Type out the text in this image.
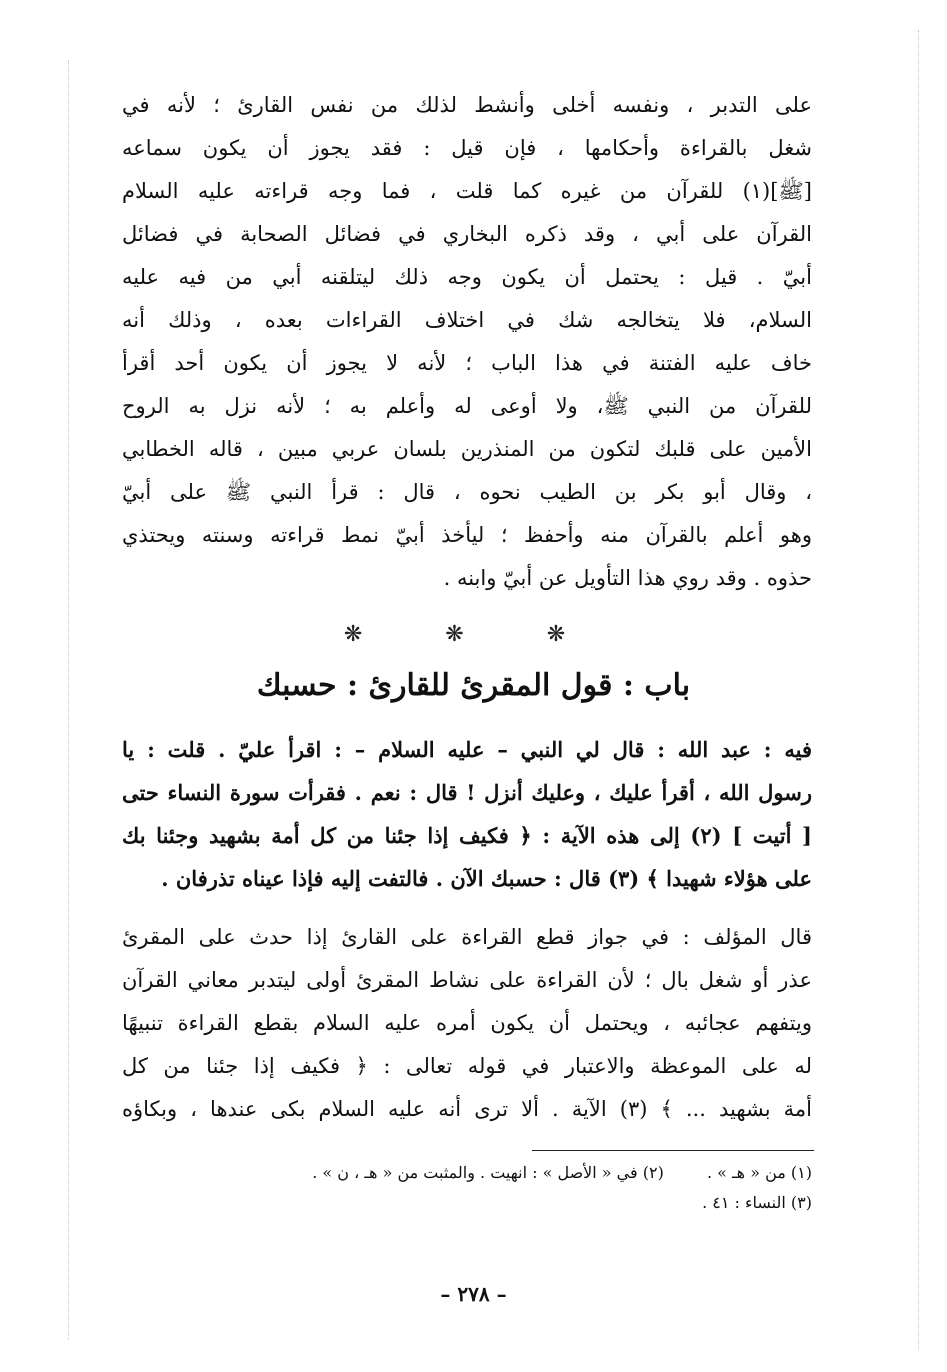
على التدبر ، ونفسه أخلى وأنشط لذلك من نفس القارئ ؛ لأنه في
شغل بالقراءة وأحكامها ، فإن قيل : فقد يجوز أن يكون سماعه
[ﷺ](١) للقرآن من غيره كما قلت ، فما وجه قراءته عليه السلام
القرآن على أبي ، وقد ذكره البخاري في فضائل الصحابة في فضائل
أبيّ . قيل : يحتمل أن يكون وجه ذلك ليتلقنه أبي من فيه عليه
السلام، فلا يتخالجه شك في اختلاف القراءات بعده ، وذلك أنه
خاف عليه الفتنة في هذا الباب ؛ لأنه لا يجوز أن يكون أحد أقرأ
للقرآن من النبي ﷺ، ولا أوعى له وأعلم به ؛ لأنه نزل به الروح
الأمين على قلبك لتكون من المنذرين بلسان عربي مبين ، قاله الخطابي
، وقال أبو بكر بن الطيب نحوه ، قال : قرأ النبي ﷺ على أبيّ
وهو أعلم بالقرآن منه وأحفظ ؛ ليأخذ أبيّ نمط قراءته وسنته ويحتذي
حذوه . وقد روي هذا التأويل عن أبيّ وابنه .
❋ ❋ ❋
باب : قول المقرئ للقارئ : حسبك
فيه : عبد الله : قال لي النبي – عليه السلام – : اقرأ عليّ . قلت : يا
رسول الله ، أقرأ عليك ، وعليك أنزل ! قال : نعم . فقرأت سورة النساء حتى
[ أتيت ] (٢) إلى هذه الآية : ﴿ فكيف إذا جئنا من كل أمة بشهيد وجئنا بك
على هؤلاء شهيدا ﴾ (٣) قال : حسبك الآن . فالتفت إليه فإذا عيناه تذرفان .
قال المؤلف : في جواز قطع القراءة على القارئ إذا حدث على المقرئ
عذر أو شغل بال ؛ لأن القراءة على نشاط المقرئ أولى ليتدبر معاني القرآن
ويتفهم عجائبه ، ويحتمل أن يكون أمره عليه السلام بقطع القراءة تنبيهًا
له على الموعظة والاعتبار في قوله تعالى : ﴿ فكيف إذا جئنا من كل
أمة بشهيد ... ﴾ (٣) الآية . ألا ترى أنه عليه السلام بكى عندها ، وبكاؤه
(١) من « هـ » . (٢) في « الأصل » : انهيت . والمثبت من « هـ ، ن » .
(٣) النساء : ٤١ .
– ٢٧٨ –
